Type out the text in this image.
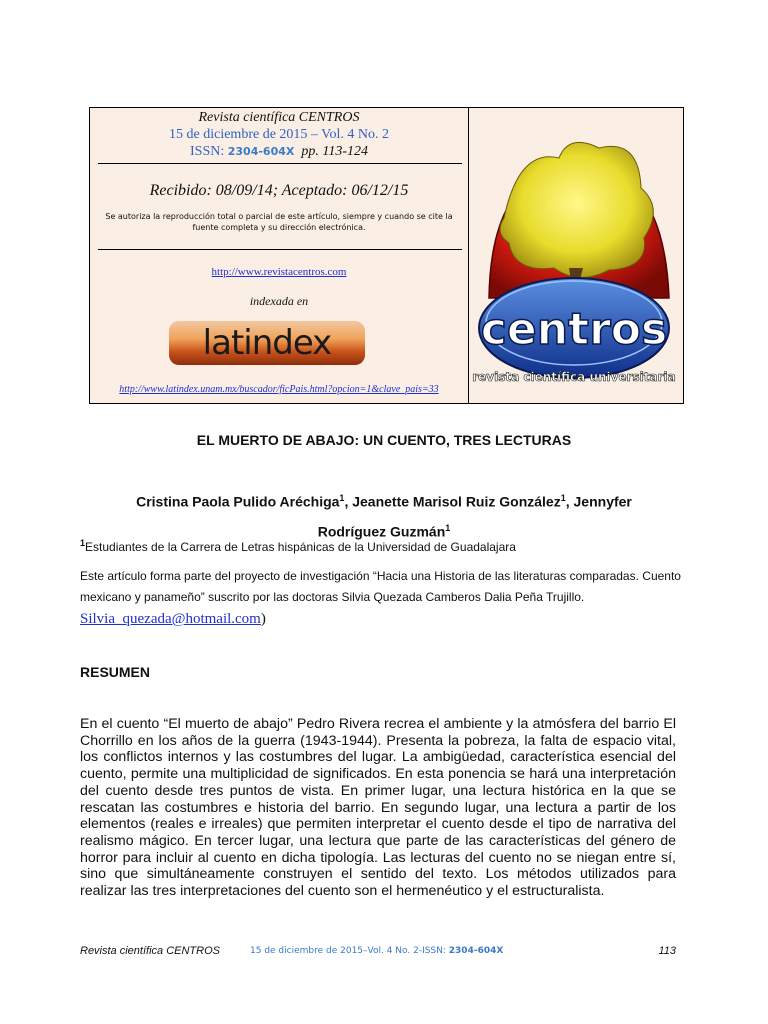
Revista científica CENTROS
15 de diciembre de 2015 – Vol. 4 No. 2
ISSN: 2304-604X pp. 113-124
Recibido: 08/09/14; Aceptado: 06/12/15
Se autoriza la reproducción total o parcial de este artículo, siempre y cuando se cite la fuente completa y su dirección electrónica.
http://www.revistacentros.com
indexada en
latindex
http://www.latindex.unam.mx/buscador/ficPais.html?opcion=1&clave_pais=33
centros
revista científica universitaria
EL MUERTO DE ABAJO: UN CUENTO, TRES LECTURAS
Cristina Paola Pulido Aréchiga$^1$, Jeanette Marisol Ruiz González$^1$, Jennyfer
Rodríguez Guzmán$^1$
$^1$Estudiantes de la Carrera de Letras hispánicas de la Universidad de Guadalajara
Este artículo forma parte del proyecto de investigación “Hacia una Historia de las literaturas comparadas. Cuento mexicano y panameño” suscrito por las doctoras Silvia Quezada Camberos Dalia Peña Trujillo.
Silvia_quezada@hotmail.com)
RESUMEN
En el cuento “El muerto de abajo” Pedro Rivera recrea el ambiente y la atmósfera del barrio El Chorrillo en los años de la guerra (1943-1944). Presenta la pobreza, la falta de espacio vital, los conflictos internos y las costumbres del lugar. La ambigüedad, característica esencial del cuento, permite una multiplicidad de significados. En esta ponencia se hará una interpretación del cuento desde tres puntos de vista. En primer lugar, una lectura histórica en la que se rescatan las costumbres e historia del barrio. En segundo lugar, una lectura a partir de los elementos (reales e irreales) que permiten interpretar el cuento desde el tipo de narrativa del realismo mágico. En tercer lugar, una lectura que parte de las características del género de horror para incluir al cuento en dicha tipología. Las lecturas del cuento no se niegan entre sí, sino que simultáneamente construyen el sentido del texto. Los métodos utilizados para realizar las tres interpretaciones del cuento son el hermenéutico y el estructuralista.
Revista científica CENTROS	15 de diciembre de 2015–Vol. 4 No. 2-ISSN: 2304-604X	113
